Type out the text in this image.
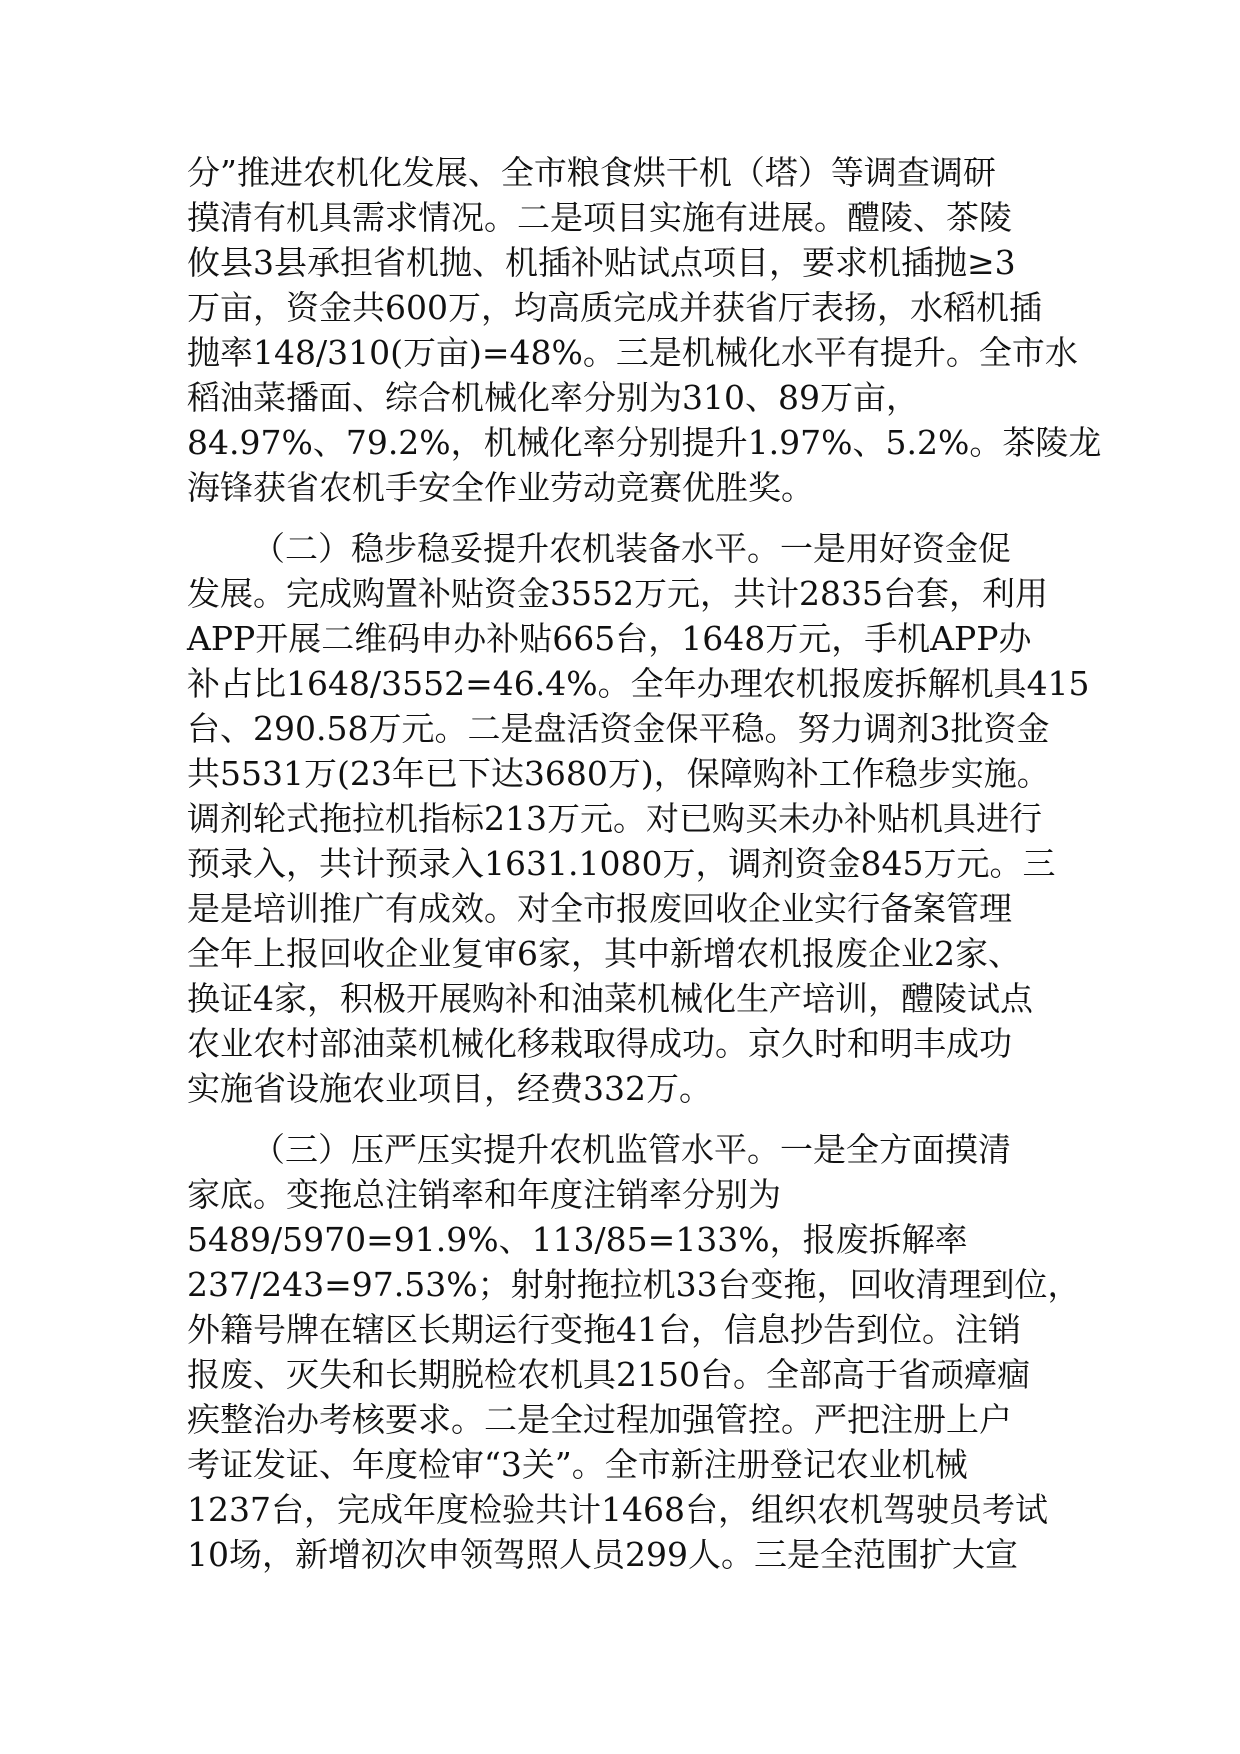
分”推进农机化发展、全市粮食烘干机（塔）等调查调研
摸清有机具需求情况。二是项目实施有进展。醴陵、茶陵
攸县3县承担省机抛、机插补贴试点项目，要求机插抛≥3
万亩，资金共600万，均高质完成并获省厅表扬，水稻机插
抛率148/310(万亩)=48%。三是机械化水平有提升。全市水
稻油菜播面、综合机械化率分别为310、89万亩，
84.97%、79.2%，机械化率分别提升1.97%、5.2%。茶陵龙
海锋获省农机手安全作业劳动竞赛优胜奖。
（二）稳步稳妥提升农机装备水平。一是用好资金促
发展。完成购置补贴资金3552万元，共计2835台套，利用
APP开展二维码申办补贴665台，1648万元，手机APP办
补占比1648/3552=46.4%。全年办理农机报废拆解机具415
台、290.58万元。二是盘活资金保平稳。努力调剂3批资金
共5531万(23年已下达3680万)，保障购补工作稳步实施。
调剂轮式拖拉机指标213万元。对已购买未办补贴机具进行
预录入，共计预录入1631.1080万，调剂资金845万元。三
是是培训推广有成效。对全市报废回收企业实行备案管理
全年上报回收企业复审6家，其中新增农机报废企业2家、
换证4家，积极开展购补和油菜机械化生产培训，醴陵试点
农业农村部油菜机械化移栽取得成功。京久时和明丰成功
实施省设施农业项目，经费332万。
（三）压严压实提升农机监管水平。一是全方面摸清
家底。变拖总注销率和年度注销率分别为
5489/5970=91.9%、113/85=133%，报废拆解率
237/243=97.53%；射射拖拉机33台变拖，回收清理到位，
外籍号牌在辖区长期运行变拖41台，信息抄告到位。注销
报废、灭失和长期脱检农机具2150台。全部高于省顽瘴痼
疾整治办考核要求。二是全过程加强管控。严把注册上户
考证发证、年度检审“3关”。全市新注册登记农业机械
1237台，完成年度检验共计1468台，组织农机驾驶员考试
10场，新增初次申领驾照人员299人。三是全范围扩大宣
